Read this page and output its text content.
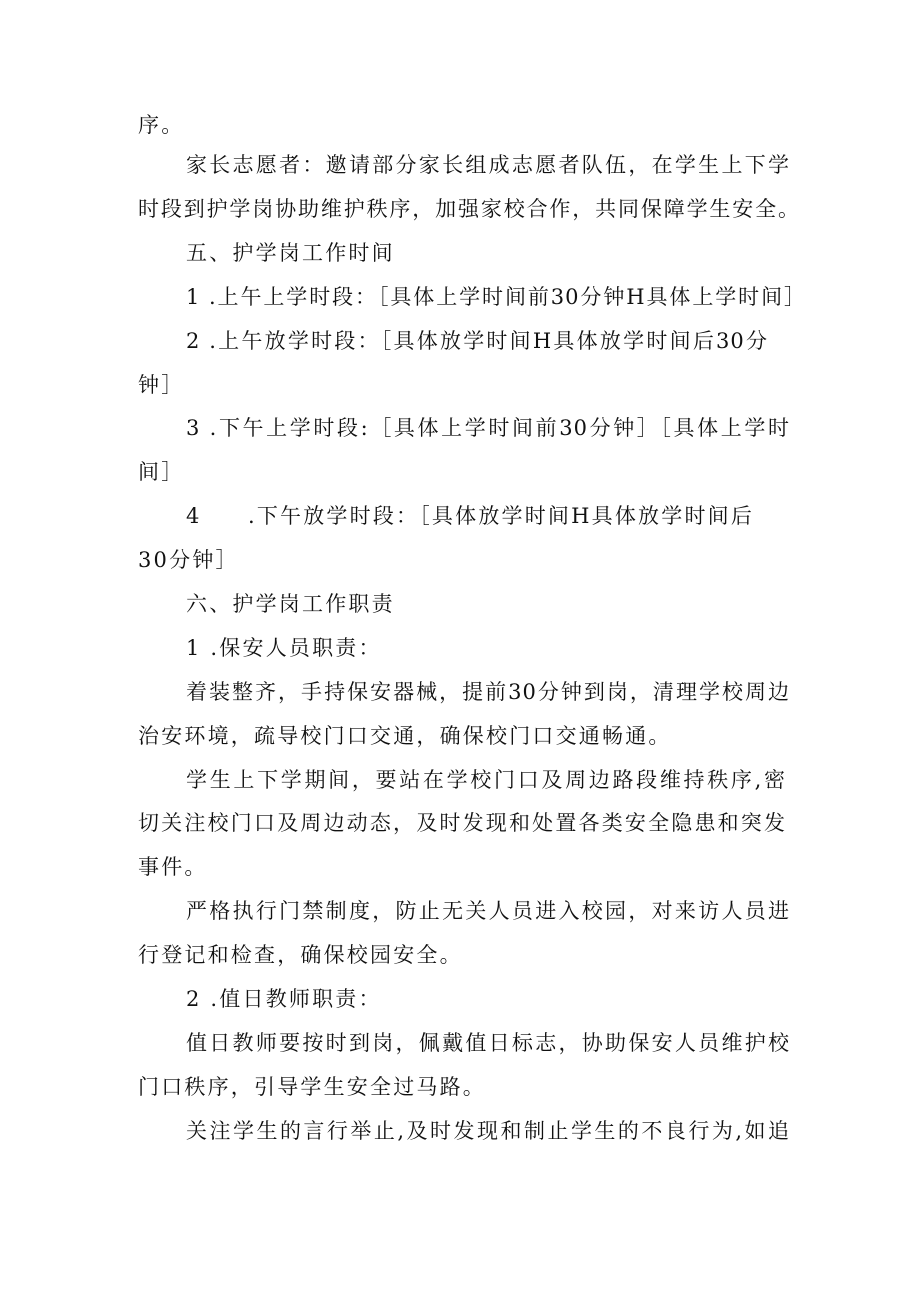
序。
家长志愿者：邀请部分家长组成志愿者队伍，在学生上下学
时段到护学岗协助维护秩序，加强家校合作，共同保障学生安全。
五、护学岗工作时间
1 .上午上学时段：［具体上学时间前30分钟H具体上学时间］
2 .上午放学时段：［具体放学时间H具体放学时间后30分
钟］
3 .下午上学时段:［具体上学时间前30分钟］［具体上学时
间］
4　　.下午放学时段：［具体放学时间H具体放学时间后
30分钟］
六、护学岗工作职责
1 .保安人员职责：
着装整齐，手持保安器械，提前30分钟到岗，清理学校周边
治安环境，疏导校门口交通，确保校门口交通畅通。
学生上下学期间，要站在学校门口及周边路段维持秩序,密
切关注校门口及周边动态，及时发现和处置各类安全隐患和突发
事件。
严格执行门禁制度，防止无关人员进入校园，对来访人员进
行登记和检查，确保校园安全。
2 .值日教师职责：
值日教师要按时到岗，佩戴值日标志，协助保安人员维护校
门口秩序，引导学生安全过马路。
关注学生的言行举止,及时发现和制止学生的不良行为,如追
